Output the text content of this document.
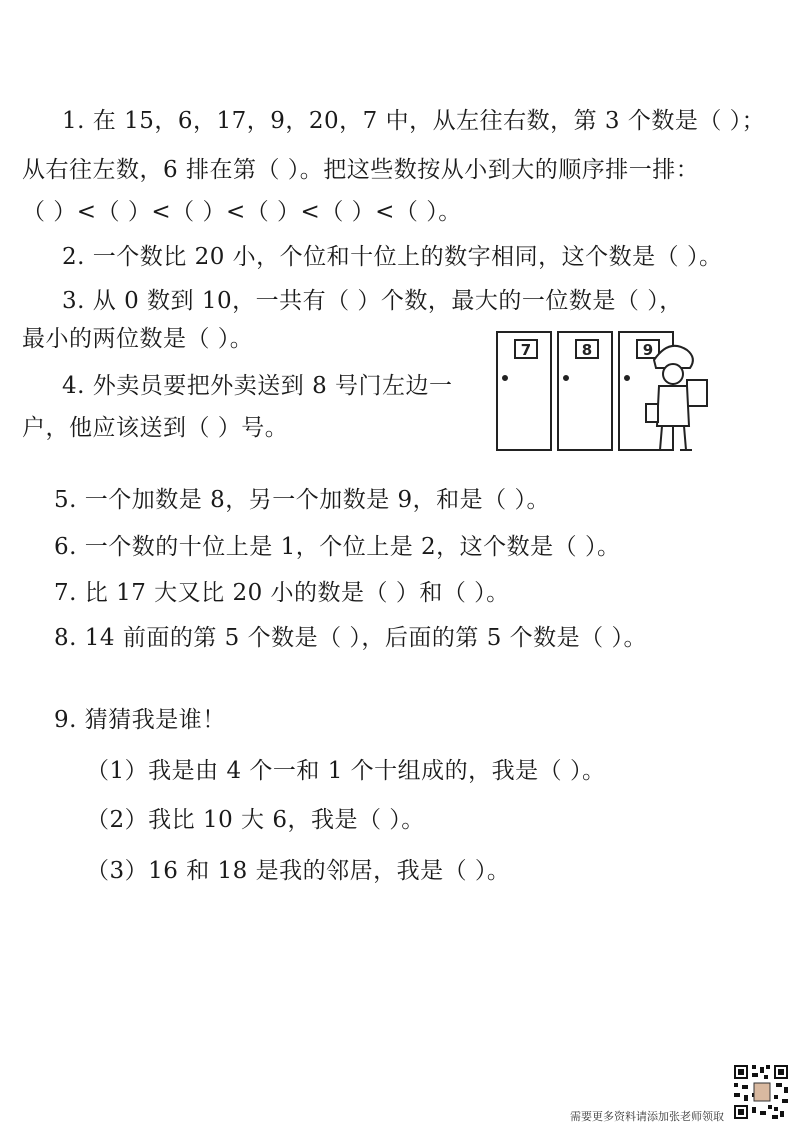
1. 在 15，6，17，9，20，7 中，从左往右数，第 3 个数是（ ）；
从右往左数，6 排在第（ ）。把这些数按从小到大的顺序排一排：
（ ）<（ ）<（ ）<（ ）<（ ）<（ ）。
2. 一个数比 20 小，个位和十位上的数字相同，这个数是（ ）。
3. 从 0 数到 10，一共有（ ）个数，最大的一位数是（ ），
最小的两位数是（ ）。
4. 外卖员要把外卖送到 8 号门左边一
户，他应该送到（ ）号。
7	8	9
5. 一个加数是 8，另一个加数是 9，和是（ ）。
6. 一个数的十位上是 1，个位上是 2，这个数是（ ）。
7. 比 17 大又比 20 小的数是（ ）和（ ）。
8. 14 前面的第 5 个数是（ ），后面的第 5 个数是（ ）。
9. 猜猜我是谁！
（1）我是由 4 个一和 1 个十组成的，我是（ ）。
（2）我比 10 大 6，我是（ ）。
（3）16 和 18 是我的邻居，我是（ ）。
需要更多资料请添加张老师领取
